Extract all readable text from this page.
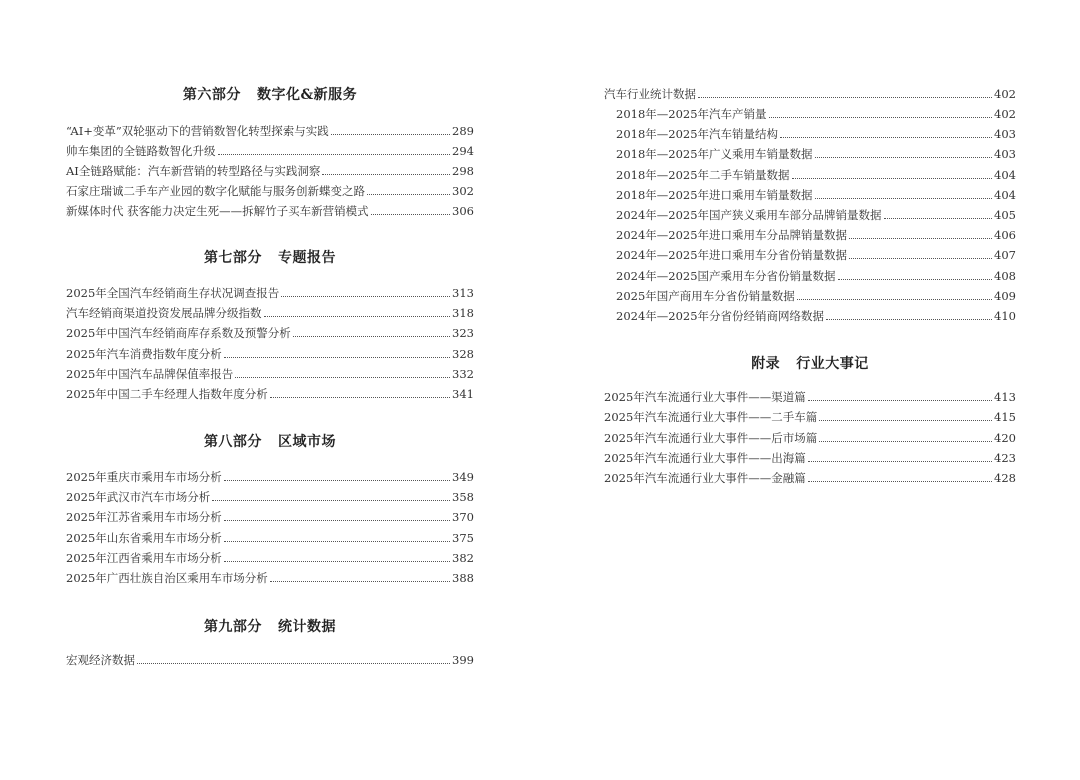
第六部分   数字化&新服务
“AI+变革”双轮驱动下的营销数智化转型探索与实践	289
帅车集团的全链路数智化升级	294
AI全链路赋能：汽车新营销的转型路径与实践洞察	298
石家庄瑞诚二手车产业园的数字化赋能与服务创新蝶变之路	302
新媒体时代 获客能力决定生死——拆解竹子买车新营销模式	306
第七部分   专题报告
2025年全国汽车经销商生存状况调查报告	313
汽车经销商渠道投资发展品牌分级指数	318
2025年中国汽车经销商库存系数及预警分析	323
2025年汽车消费指数年度分析	328
2025年中国汽车品牌保值率报告	332
2025年中国二手车经理人指数年度分析	341
第八部分   区域市场
2025年重庆市乘用车市场分析	349
2025年武汉市汽车市场分析	358
2025年江苏省乘用车市场分析	370
2025年山东省乘用车市场分析	375
2025年江西省乘用车市场分析	382
2025年广西壮族自治区乘用车市场分析	388
第九部分   统计数据
宏观经济数据	399
汽车行业统计数据	402
2018年—2025年汽车产销量	402
2018年—2025年汽车销量结构	403
2018年—2025年广义乘用车销量数据	403
2018年—2025年二手车销量数据	404
2018年—2025年进口乘用车销量数据	404
2024年—2025年国产狭义乘用车部分品牌销量数据	405
2024年—2025年进口乘用车分品牌销量数据	406
2024年—2025年进口乘用车分省份销量数据	407
2024年—2025国产乘用车分省份销量数据	408
2025年国产商用车分省份销量数据	409
2024年—2025年分省份经销商网络数据	410
附录   行业大事记
2025年汽车流通行业大事件——渠道篇	413
2025年汽车流通行业大事件——二手车篇	415
2025年汽车流通行业大事件——后市场篇	420
2025年汽车流通行业大事件——出海篇	423
2025年汽车流通行业大事件——金融篇	428
